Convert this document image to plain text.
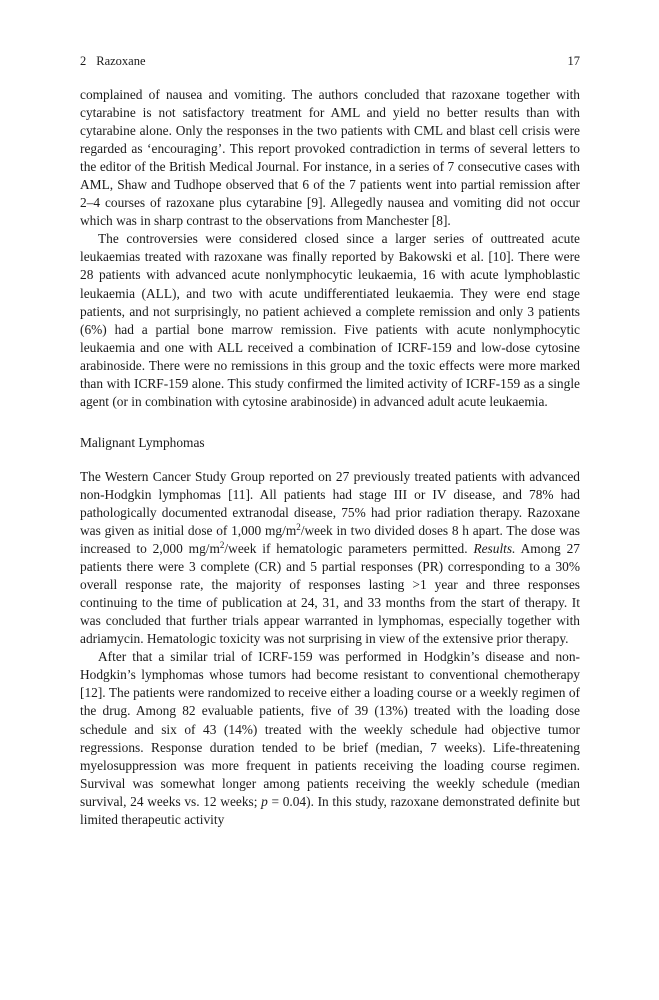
2 Razoxane	17

complained of nausea and vomiting. The authors concluded that razoxane together with cytarabine is not satisfactory treatment for AML and yield no better results than with cytarabine alone. Only the responses in the two patients with CML and blast cell crisis were regarded as ‘encouraging’. This report provoked contradiction in terms of several letters to the editor of the British Medical Journal. For instance, in a series of 7 consecutive cases with AML, Shaw and Tudhope observed that 6 of the 7 patients went into partial remission after 2–4 courses of razoxane plus cytarabine [9]. Allegedly nausea and vomiting did not occur which was in sharp contrast to the observations from Manchester [8].

The controversies were considered closed since a larger series of outtreated acute leukaemias treated with razoxane was finally reported by Bakowski et al. [10]. There were 28 patients with advanced acute nonlymphocytic leukaemia, 16 with acute lymphoblastic leukaemia (ALL), and two with acute undifferentiated leukaemia. They were end stage patients, and not surprisingly, no patient achieved a complete remission and only 3 patients (6%) had a partial bone marrow remission. Five patients with acute nonlymphocytic leukaemia and one with ALL received a combination of ICRF-159 and low-dose cytosine arabinoside. There were no remissions in this group and the toxic effects were more marked than with ICRF-159 alone. This study confirmed the limited activity of ICRF-159 as a single agent (or in combination with cytosine arabinoside) in advanced adult acute leukaemia.

Malignant Lymphomas

The Western Cancer Study Group reported on 27 previously treated patients with advanced non-Hodgkin lymphomas [11]. All patients had stage III or IV disease, and 78% had pathologically documented extranodal disease, 75% had prior radiation therapy. Razoxane was given as initial dose of 1,000 $mg/m^2$/week in two divided doses 8 h apart. The dose was increased to 2,000 $mg/m^2$/week if hematologic parameters permitted. Results. Among 27 patients there were 3 complete (CR) and 5 partial responses (PR) corresponding to a 30% overall response rate, the majority of responses lasting >1 year and three responses continuing to the time of publication at 24, 31, and 33 months from the start of therapy. It was concluded that further trials appear warranted in lymphomas, especially together with adriamycin. Hematologic toxicity was not surprising in view of the extensive prior therapy.

After that a similar trial of ICRF-159 was performed in Hodgkin’s disease and non-Hodgkin’s lymphomas whose tumors had become resistant to conventional chemotherapy [12]. The patients were randomized to receive either a loading course or a weekly regimen of the drug. Among 82 evaluable patients, five of 39 (13%) treated with the loading dose schedule and six of 43 (14%) treated with the weekly schedule had objective tumor regressions. Response duration tended to be brief (median, 7 weeks). Life-threatening myelosuppression was more frequent in patients receiving the loading course regimen. Survival was somewhat longer among patients receiving the weekly schedule (median survival, 24 weeks vs. 12 weeks; p = 0.04). In this study, razoxane demonstrated definite but limited therapeutic activity
